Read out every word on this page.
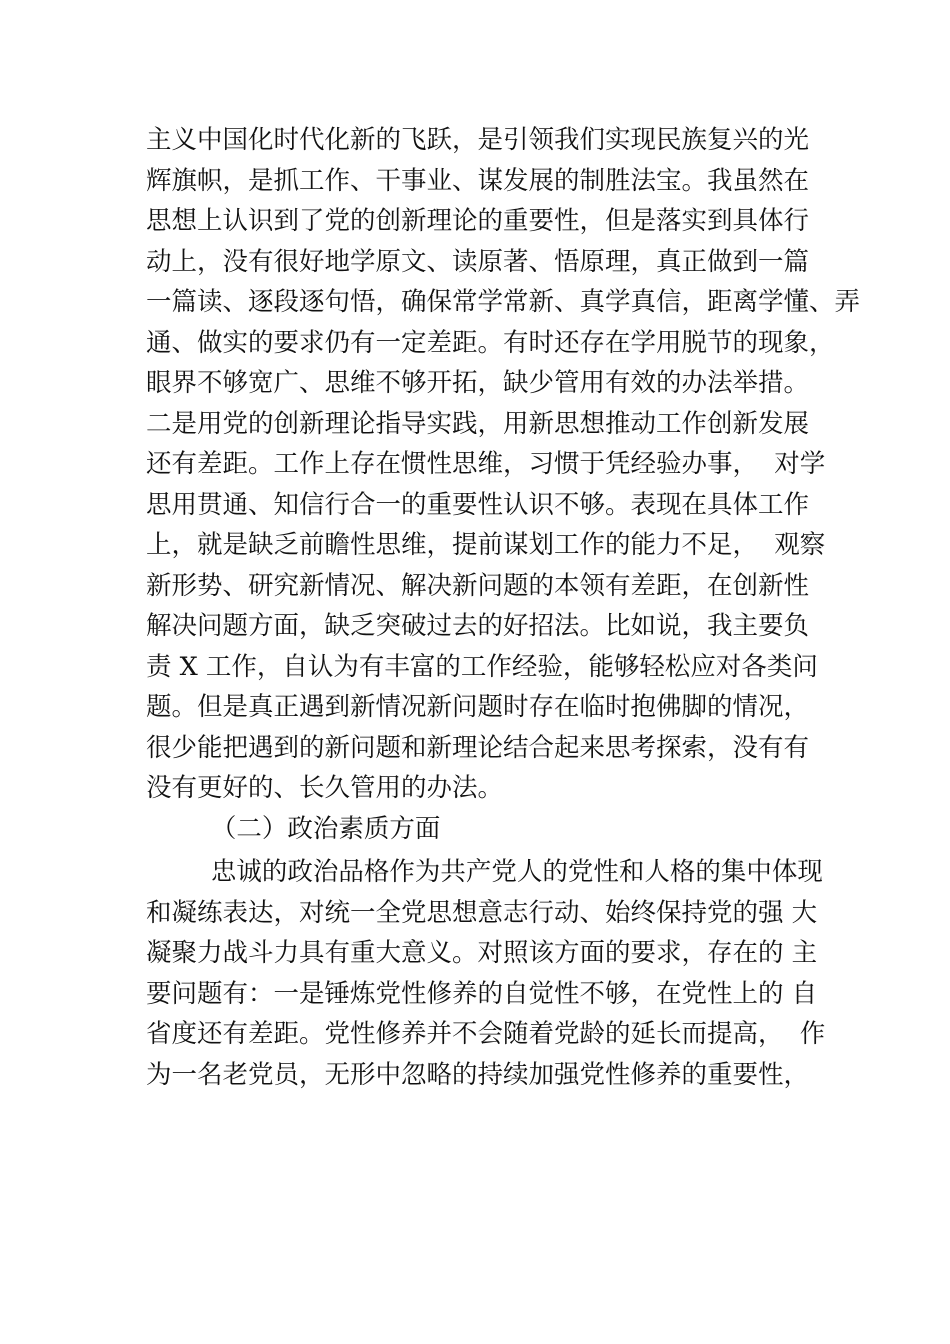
主义中国化时代化新的飞跃，是引领我们实现民族复兴的光
辉旗帜，是抓工作、干事业、谋发展的制胜法宝。我虽然在
思想上认识到了党的创新理论的重要性，但是落实到具体行
动上，没有很好地学原文、读原著、悟原理，真正做到一篇
一篇读、逐段逐句悟，确保常学常新、真学真信，距离学懂、弄
通、做实的要求仍有一定差距。有时还存在学用脱节的现象，
眼界不够宽广、思维不够开拓，缺少管用有效的办法举措。
二是用党的创新理论指导实践，用新思想推动工作创新发展
还有差距。工作上存在惯性思维，习惯于凭经验办事，  对学
思用贯通、知信行合一的重要性认识不够。表现在具体工作
上，就是缺乏前瞻性思维，提前谋划工作的能力不足，  观察
新形势、研究新情况、解决新问题的本领有差距，在创新性
解决问题方面，缺乏突破过去的好招法。比如说，我主要负
责 X 工作，自认为有丰富的工作经验，能够轻松应对各类问
题。但是真正遇到新情况新问题时存在临时抱佛脚的情况，
很少能把遇到的新问题和新理论结合起来思考探索，没有有
没有更好的、长久管用的办法。
（二）政治素质方面
忠诚的政治品格作为共产党人的党性和人格的集中体现
和凝练表达，对统一全党思想意志行动、始终保持党的强 大
凝聚力战斗力具有重大意义。对照该方面的要求，存在的 主
要问题有：一是锤炼党性修养的自觉性不够，在党性上的 自
省度还有差距。党性修养并不会随着党龄的延长而提高，  作
为一名老党员，无形中忽略的持续加强党性修养的重要性，
